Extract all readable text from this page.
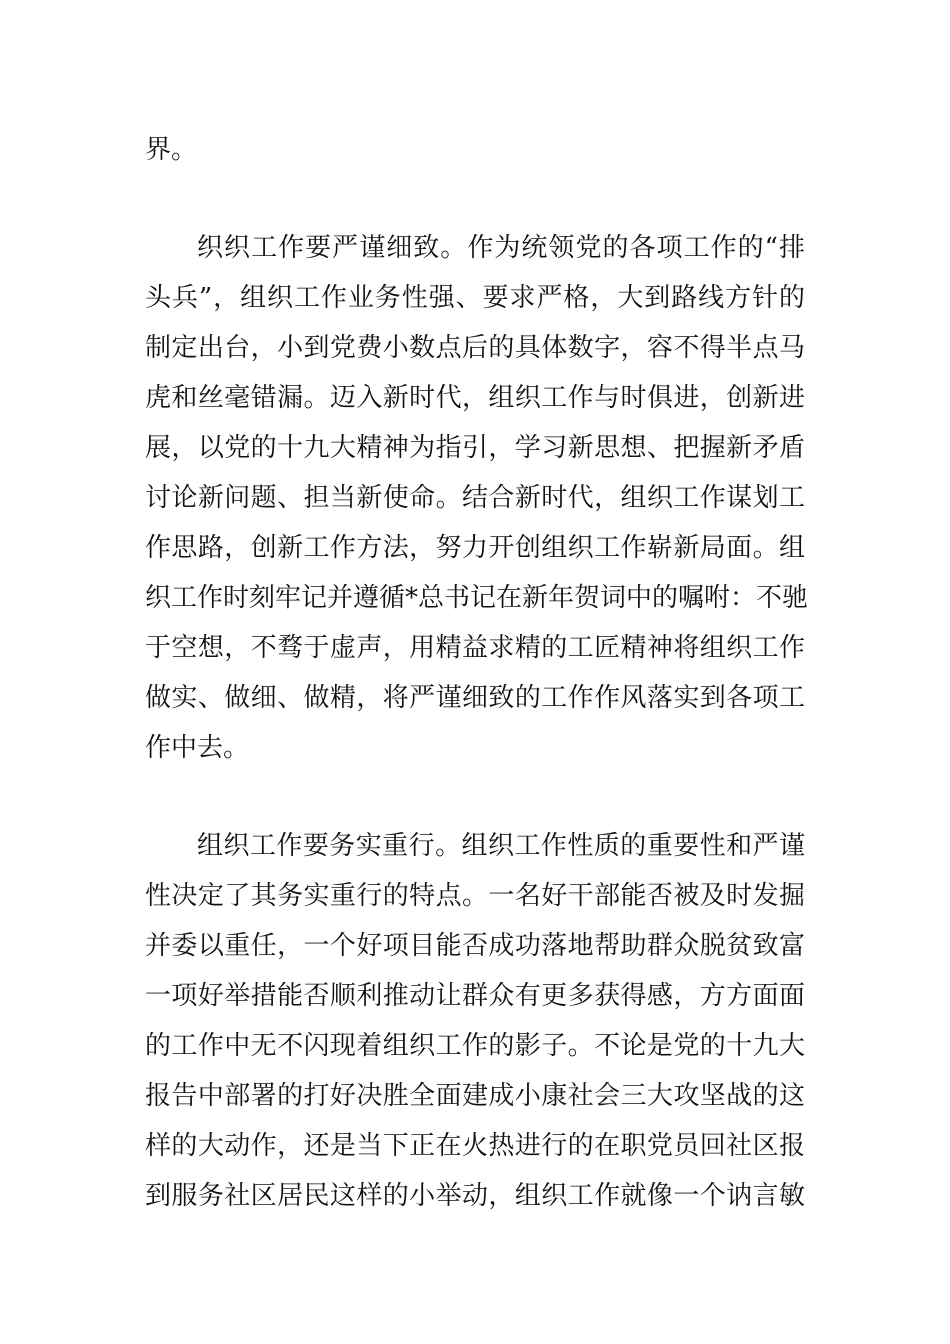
界。
织织工作要严谨细致。作为统领党的各项工作的“排
头兵”，组织工作业务性强、要求严格，大到路线方针的
制定出台，小到党费小数点后的具体数字，容不得半点马
虎和丝毫错漏。迈入新时代，组织工作与时俱进，创新进
展，以党的十九大精神为指引，学习新思想、把握新矛盾
讨论新问题、担当新使命。结合新时代，组织工作谋划工
作思路，创新工作方法，努力开创组织工作崭新局面。组
织工作时刻牢记并遵循*总书记在新年贺词中的嘱咐：不驰
于空想，不骛于虚声，用精益求精的工匠精神将组织工作
做实、做细、做精，将严谨细致的工作作风落实到各项工
作中去。
组织工作要务实重行。组织工作性质的重要性和严谨
性决定了其务实重行的特点。一名好干部能否被及时发掘
并委以重任，一个好项目能否成功落地帮助群众脱贫致富
一项好举措能否顺利推动让群众有更多获得感，方方面面
的工作中无不闪现着组织工作的影子。不论是党的十九大
报告中部署的打好决胜全面建成小康社会三大攻坚战的这
样的大动作，还是当下正在火热进行的在职党员回社区报
到服务社区居民这样的小举动，组织工作就像一个讷言敏
